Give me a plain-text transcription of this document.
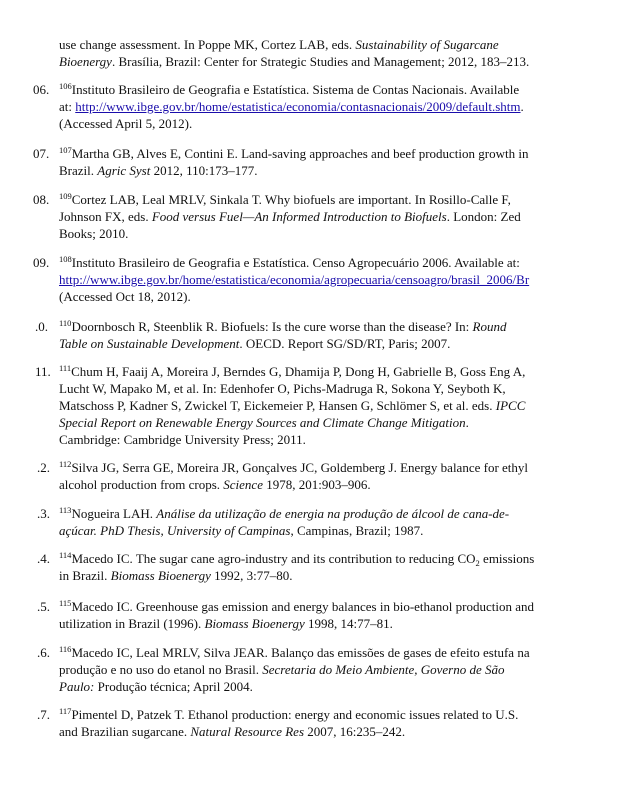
use change assessment. In Poppe MK, Cortez LAB, eds. Sustainability of Sugarcane
Bioenergy. Brasília, Brazil: Center for Strategic Studies and Management; 2012, 183–213.
06. $^{106}$Instituto Brasileiro de Geografia e Estatística. Sistema de Contas Nacionais. Available
at: http://www.ibge.gov.br/home/estatistica/economia/contasnacionais/2009/default.shtm.
(Accessed April 5, 2012).
07. $^{107}$Martha GB, Alves E, Contini E. Land-saving approaches and beef production growth in
Brazil. Agric Syst 2012, 110:173–177.
08. $^{109}$Cortez LAB, Leal MRLV, Sinkala T. Why biofuels are important. In Rosillo-Calle F,
Johnson FX, eds. Food versus Fuel—An Informed Introduction to Biofuels. London: Zed
Books; 2010.
09. $^{108}$Instituto Brasileiro de Geografia e Estatística. Censo Agropecuário 2006. Available at:
http://www.ibge.gov.br/home/estatistica/economia/agropecuaria/censoagro/brasil_2006/Br
(Accessed Oct 18, 2012).
.0. $^{110}$Doornbosch R, Steenblik R. Biofuels: Is the cure worse than the disease? In: Round
Table on Sustainable Development. OECD. Report SG/SD/RT, Paris; 2007.
11. $^{111}$Chum H, Faaij A, Moreira J, Berndes G, Dhamija P, Dong H, Gabrielle B, Goss Eng A,
Lucht W, Mapako M, et al. In: Edenhofer O, Pichs-Madruga R, Sokona Y, Seyboth K,
Matschoss P, Kadner S, Zwickel T, Eickemeier P, Hansen G, Schlömer S, et al. eds. IPCC
Special Report on Renewable Energy Sources and Climate Change Mitigation.
Cambridge: Cambridge University Press; 2011.
.2. $^{112}$Silva JG, Serra GE, Moreira JR, Gonçalves JC, Goldemberg J. Energy balance for ethyl
alcohol production from crops. Science 1978, 201:903–906.
.3. $^{113}$Nogueira LAH. Análise da utilização de energia na produção de álcool de cana-de-
açúcar. PhD Thesis, University of Campinas, Campinas, Brazil; 1987.
.4. $^{114}$Macedo IC. The sugar cane agro-industry and its contribution to reducing $CO_2$ emissions
in Brazil. Biomass Bioenergy 1992, 3:77–80.
.5. $^{115}$Macedo IC. Greenhouse gas emission and energy balances in bio-ethanol production and
utilization in Brazil (1996). Biomass Bioenergy 1998, 14:77–81.
.6. $^{116}$Macedo IC, Leal MRLV, Silva JEAR. Balanço das emissões de gases de efeito estufa na
produção e no uso do etanol no Brasil. Secretaria do Meio Ambiente, Governo de São
Paulo: Produção técnica; April 2004.
.7. $^{117}$Pimentel D, Patzek T. Ethanol production: energy and economic issues related to U.S.
and Brazilian sugarcane. Natural Resource Res 2007, 16:235–242.
